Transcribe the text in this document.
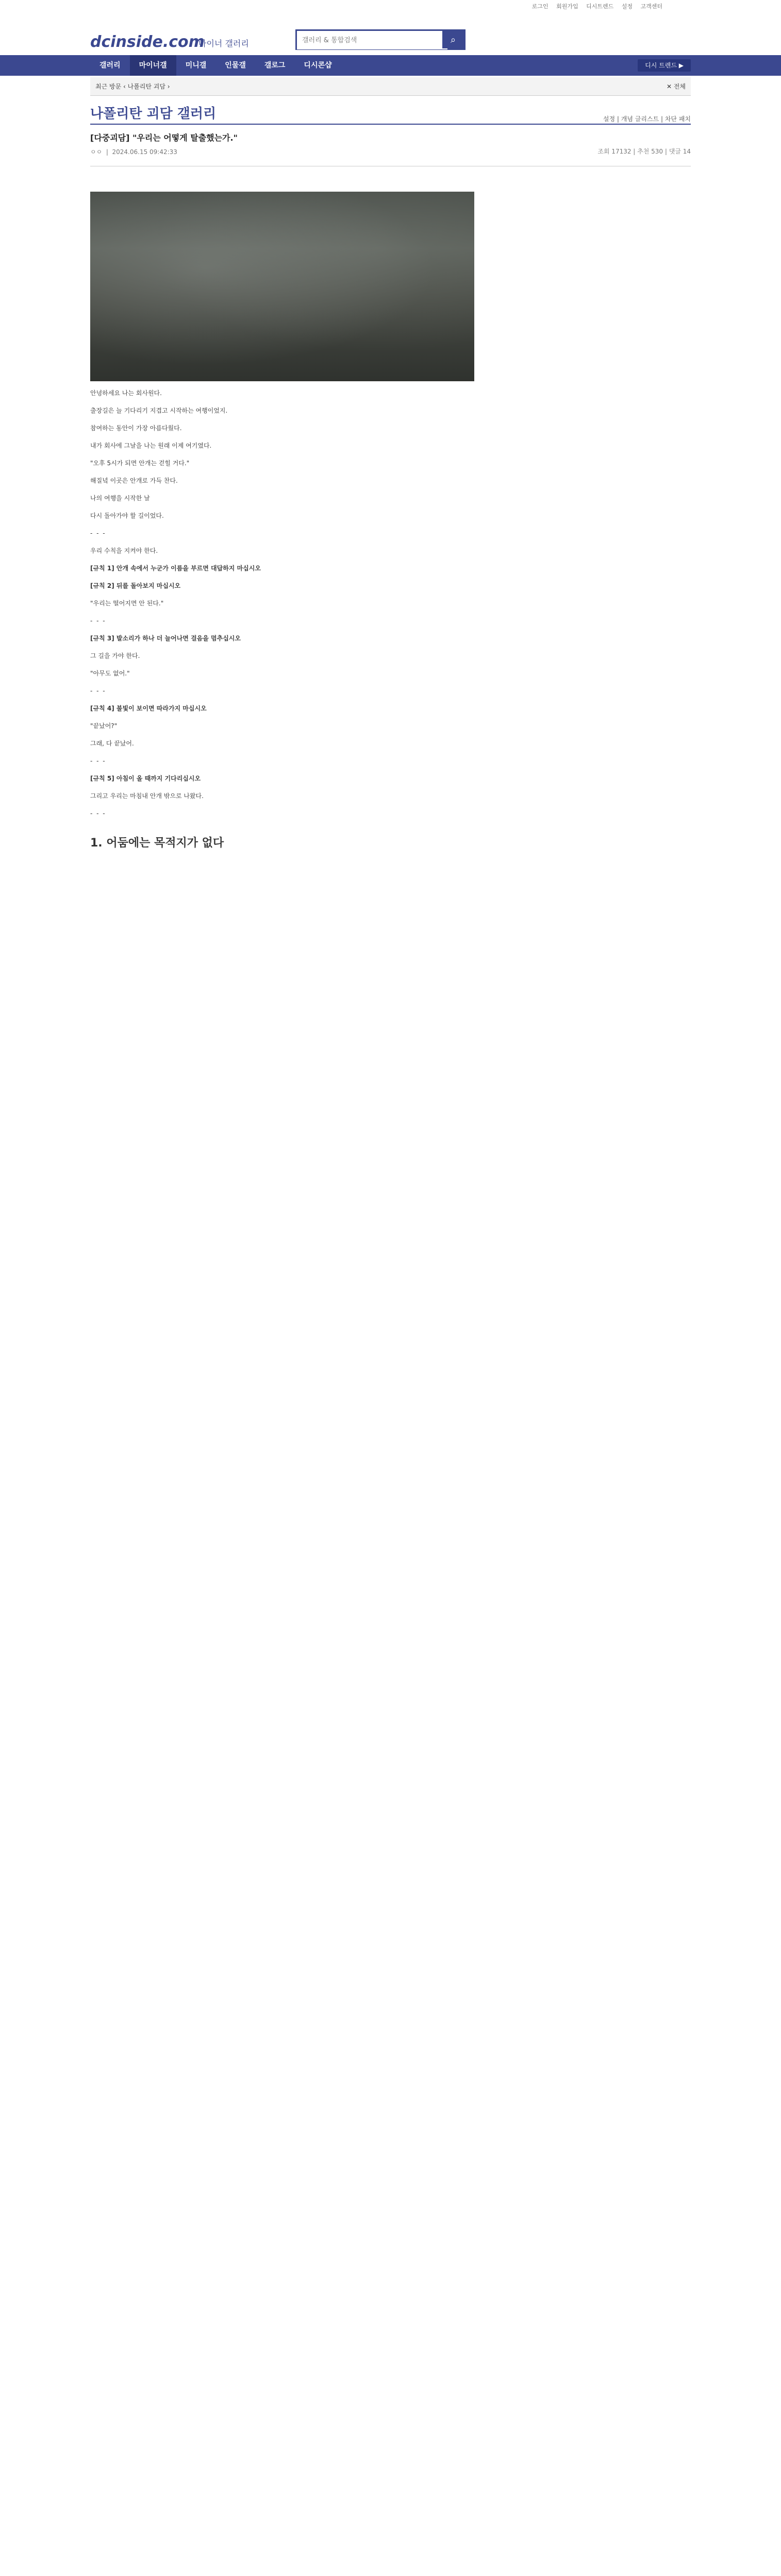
로그인 회원가입 디시트렌드 설정 고객센터
dcinside.com
마이너 갤러리
갤러리 & 통합검색	⌕
갤러리	마이너갤	미니갤	인물갤	갤로그	디시콘샵	디시 트렌드 ▶
최근 방문 ‹ 나폴리탄 괴담 ›	✕ 전체
나폴리탄 괴담 갤러리	설정 | 개념 글리스트 | 차단 패치
[다중괴담] "우리는 어떻게 탈출했는가."
ㅇㅇ  |  2024.06.15 09:42:33	조회 17132 | 추천 530 | 댓글 14

안녕하세요 나는 회사원다.

출장길은 늘 기다리기 지겹고 시작하는 여행이었지.

참여하는 동안이 가장 아름다웠다.

내가 회사에 그날을 나는 원래 이제 여기였다.

"오후 5시가 되면 안개는 걷힐 거다."

해질녘 이곳은 안개로 가득 찬다.

나의 여행을 시작한 날

다시 돌아가야 할 길이었다.

- - -

우리 수칙을 지켜야 한다.

[규칙 1] 안개 속에서 누군가 이름을 부르면 대답하지 마십시오

[규칙 2] 뒤를 돌아보지 마십시오

"우리는 떨어지면 안 된다."

- - -

[규칙 3] 발소리가 하나 더 늘어나면 걸음을 멈추십시오

그 길을 가야 한다.

"아무도 없어."

- - -

[규칙 4] 불빛이 보이면 따라가지 마십시오

"끝났어?"

그래, 다 끝났어.

- - -

[규칙 5] 아침이 올 때까지 기다리십시오

그리고 우리는 마침내 안개 밖으로 나왔다.

- - -

1. 어둠에는 목적지가 없다
